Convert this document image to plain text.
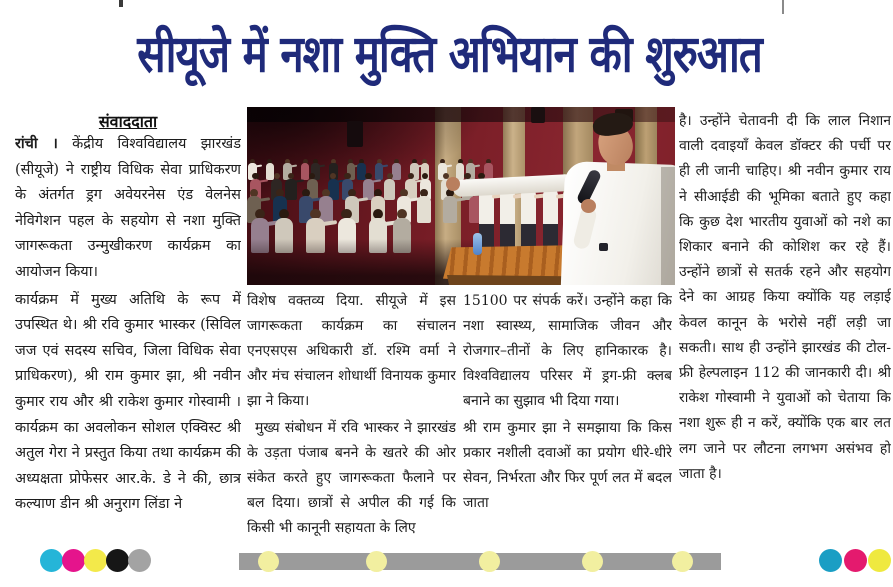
सीयूजे में नशा मुक्ति अभियान की शुरुआत
संवाददाता

रांची । केंद्रीय विश्वविद्यालय झारखंड (सीयूजे) ने राष्ट्रीय विधिक सेवा प्राधिकरण के अंतर्गत ड्रग अवेयरनेस एंड वेलनेस नेविगेशन पहल के सहयोग से नशा मुक्ति जागरूकता उन्मुखीकरण कार्यक्रम का आयोजन किया।

कार्यक्रम में मुख्य अतिथि के रूप में उपस्थित थे। श्री रवि कुमार भास्कर (सिविल जज एवं सदस्य सचिव, जिला विधिक सेवा प्राधिकरण), श्री राम कुमार झा, श्री नवीन कुमार राय और श्री राकेश कुमार गोस्वामी । कार्यक्रम का अवलोकन सोशल एक्विस्ट श्री अतुल गेरा ने प्रस्तुत किया तथा कार्यक्रम की अध्यक्षता प्रोफेसर आर.के. डे ने की, छात्र कल्याण डीन श्री अनुराग लिंडा ने

विशेष वक्तव्य दिया. सीयूजे में इस जागरूकता कार्यक्रम का संचालन एनएसएस अधिकारी डॉ. रश्मि वर्मा ने और मंच संचालन शोधार्थी विनायक कुमार झा ने किया।

मुख्य संबोधन में रवि भास्कर ने झारखंड के उड़ता पंजाब बनने के खतरे की ओर संकेत करते हुए जागरूकता फैलाने पर बल दिया। छात्रों से अपील की गई कि किसी भी कानूनी सहायता के लिए

15100 पर संपर्क करें। उन्होंने कहा कि नशा स्वास्थ्य, सामाजिक जीवन और रोजगार–तीनों के लिए हानिकारक है। विश्वविद्यालय परिसर में ड्रग-फ्री क्लब बनाने का सुझाव भी दिया गया।

श्री राम कुमार झा ने समझाया कि किस प्रकार नशीली दवाओं का प्रयोग धीरे-धीरे सेवन, निर्भरता और फिर पूर्ण लत में बदल जाता

है। उन्होंने चेतावनी दी कि लाल निशान वाली दवाइयाँ केवल डॉक्टर की पर्ची पर ही ली जानी चाहिए। श्री नवीन कुमार राय ने सीआईडी की भूमिका बताते हुए कहा कि कुछ देश भारतीय युवाओं को नशे का शिकार बनाने की कोशिश कर रहे हैं। उन्होंने छात्रों से सतर्क रहने और सहयोग देने का आग्रह किया क्योंकि यह लड़ाई केवल कानून के भरोसे नहीं लड़ी जा सकती। साथ ही उन्होंने झारखंड की टोल-फ्री हेल्पलाइन 112 की जानकारी दी। श्री राकेश गोस्वामी ने युवाओं को चेताया कि नशा शुरू ही न करें, क्योंकि एक बार लत लग जाने पर लौटना लगभग असंभव हो जाता है।
